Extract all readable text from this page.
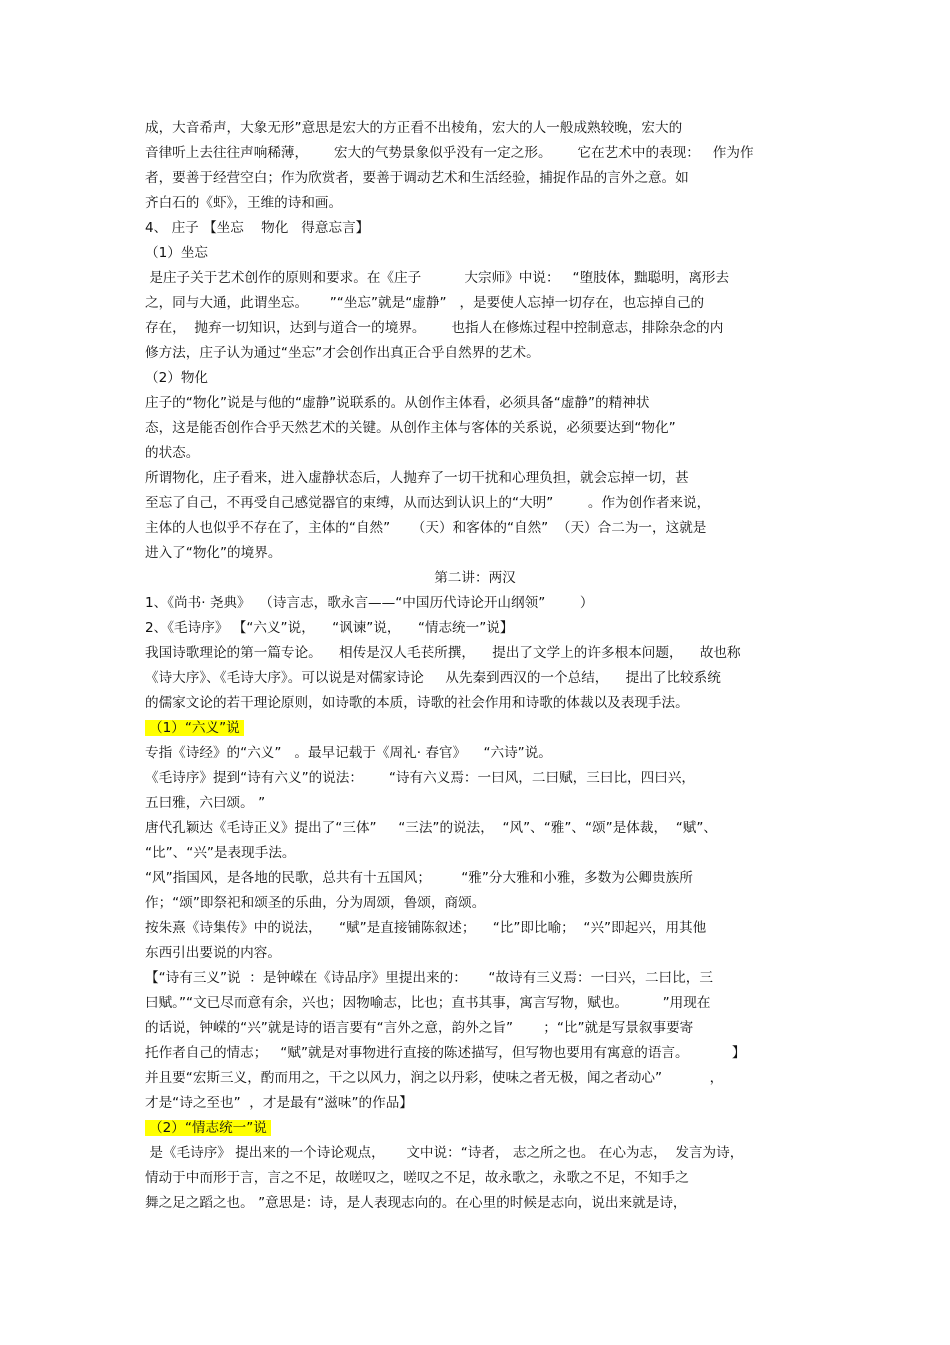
成，大音希声，大象无形”意思是宏大的方正看不出棱角，宏大的人一般成熟较晚，宏大的
音律听上去往往声响稀薄，      宏大的气势景象似乎没有一定之形。      它在艺术中的表现：   作为作
者，要善于经营空白；作为欣赏者，要善于调动艺术和生活经验，捕捉作品的言外之意。如
齐白石的《虾》，王维的诗和画。
4、 庄子 【坐忘    物化   得意忘言】
（1）坐忘
是庄子关于艺术创作的原则和要求。在《庄子          大宗师》中说：   “堕肢体，黜聪明，离形去
之，同与大通，此谓坐忘。     ”“坐忘”就是“虚静”   ，是要使人忘掉一切存在，也忘掉自己的
存在，  抛弃一切知识，达到与道合一的境界。      也指人在修炼过程中控制意志，排除杂念的内
修方法，庄子认为通过“坐忘”才会创作出真正合乎自然界的艺术。
（2）物化
庄子的“物化”说是与他的“虚静”说联系的。从创作主体看，必须具备“虚静”的精神状
态，这是能否创作合乎天然艺术的关键。从创作主体与客体的关系说，必须要达到“物化”
的状态。
所谓物化，庄子看来，进入虚静状态后，人抛弃了一切干扰和心理负担，就会忘掉一切，甚
至忘了自己，不再受自己感觉器官的束缚，从而达到认识上的“大明”        。作为创作者来说，
主体的人也似乎不存在了，主体的“自然”     （天）和客体的“自然”  （天）合二为一，这就是
进入了“物化”的境界。
第二讲：两汉
1、《尚书· 尧典》  （诗言志，歌永言——“中国历代诗论开山纲领”        ）
2、《毛诗序》 【“六义”说，    “讽谏”说，    “情志统一”说】
我国诗歌理论的第一篇专论。    相传是汉人毛苌所撰，    提出了文学上的许多根本问题，    故也称
《诗大序》、《毛诗大序》。可以说是对儒家诗论     从先秦到西汉的一个总结，    提出了比较系统
的儒家文论的若干理论原则，如诗歌的本质，诗歌的社会作用和诗歌的体裁以及表现手法。
（1）“六义”说
专指《诗经》的“六义”   。最早记载于《周礼· 春官》    “六诗”说。
《毛诗序》提到“诗有六义”的说法：      “诗有六义焉：一曰风，二曰赋，三曰比，四曰兴，
五曰雅，六曰颂。 ”
唐代孔颖达《毛诗正义》提出了“三体”     “三法”的说法，  “风”、“雅”、“颂”是体裁，  “赋”、
“比”、“兴”是表现手法。
“风”指国风，是各地的民歌，总共有十五国风；       “雅”分大雅和小雅，多数为公卿贵族所
作；“颂”即祭祀和颂圣的乐曲，分为周颂，鲁颂，商颂。
按朱熹《诗集传》中的说法，    “赋”是直接铺陈叙述；    “比”即比喻；  “兴”即起兴，用其他
东西引出要说的内容。
【“诗有三义”说  ：是钟嵘在《诗品序》里提出来的：     “故诗有三义焉：一曰兴，二曰比，三
曰赋。”“文已尽而意有余，兴也；因物喻志，比也；直书其事，寓言写物，赋也。        ”用现在
的话说，钟嵘的“兴”就是诗的语言要有“言外之意，韵外之旨”       ；“比”就是写景叙事要寄
托作者自己的情志；   “赋”就是对事物进行直接的陈述描写，但写物也要用有寓意的语言。          】
并且要“宏斯三义，酌而用之，干之以风力，润之以丹彩，使味之者无极，闻之者动心”           ，
才是“诗之至也”  ，才是最有“滋味”的作品】
（2）“情志统一”说
是《毛诗序》 提出来的一个诗论观点，     文中说：“诗者， 志之所之也。 在心为志，  发言为诗，
情动于中而形于言，言之不足，故嗟叹之，嗟叹之不足，故永歌之，永歌之不足，不知手之
舞之足之蹈之也。 ”意思是：诗，是人表现志向的。在心里的时候是志向，说出来就是诗，
